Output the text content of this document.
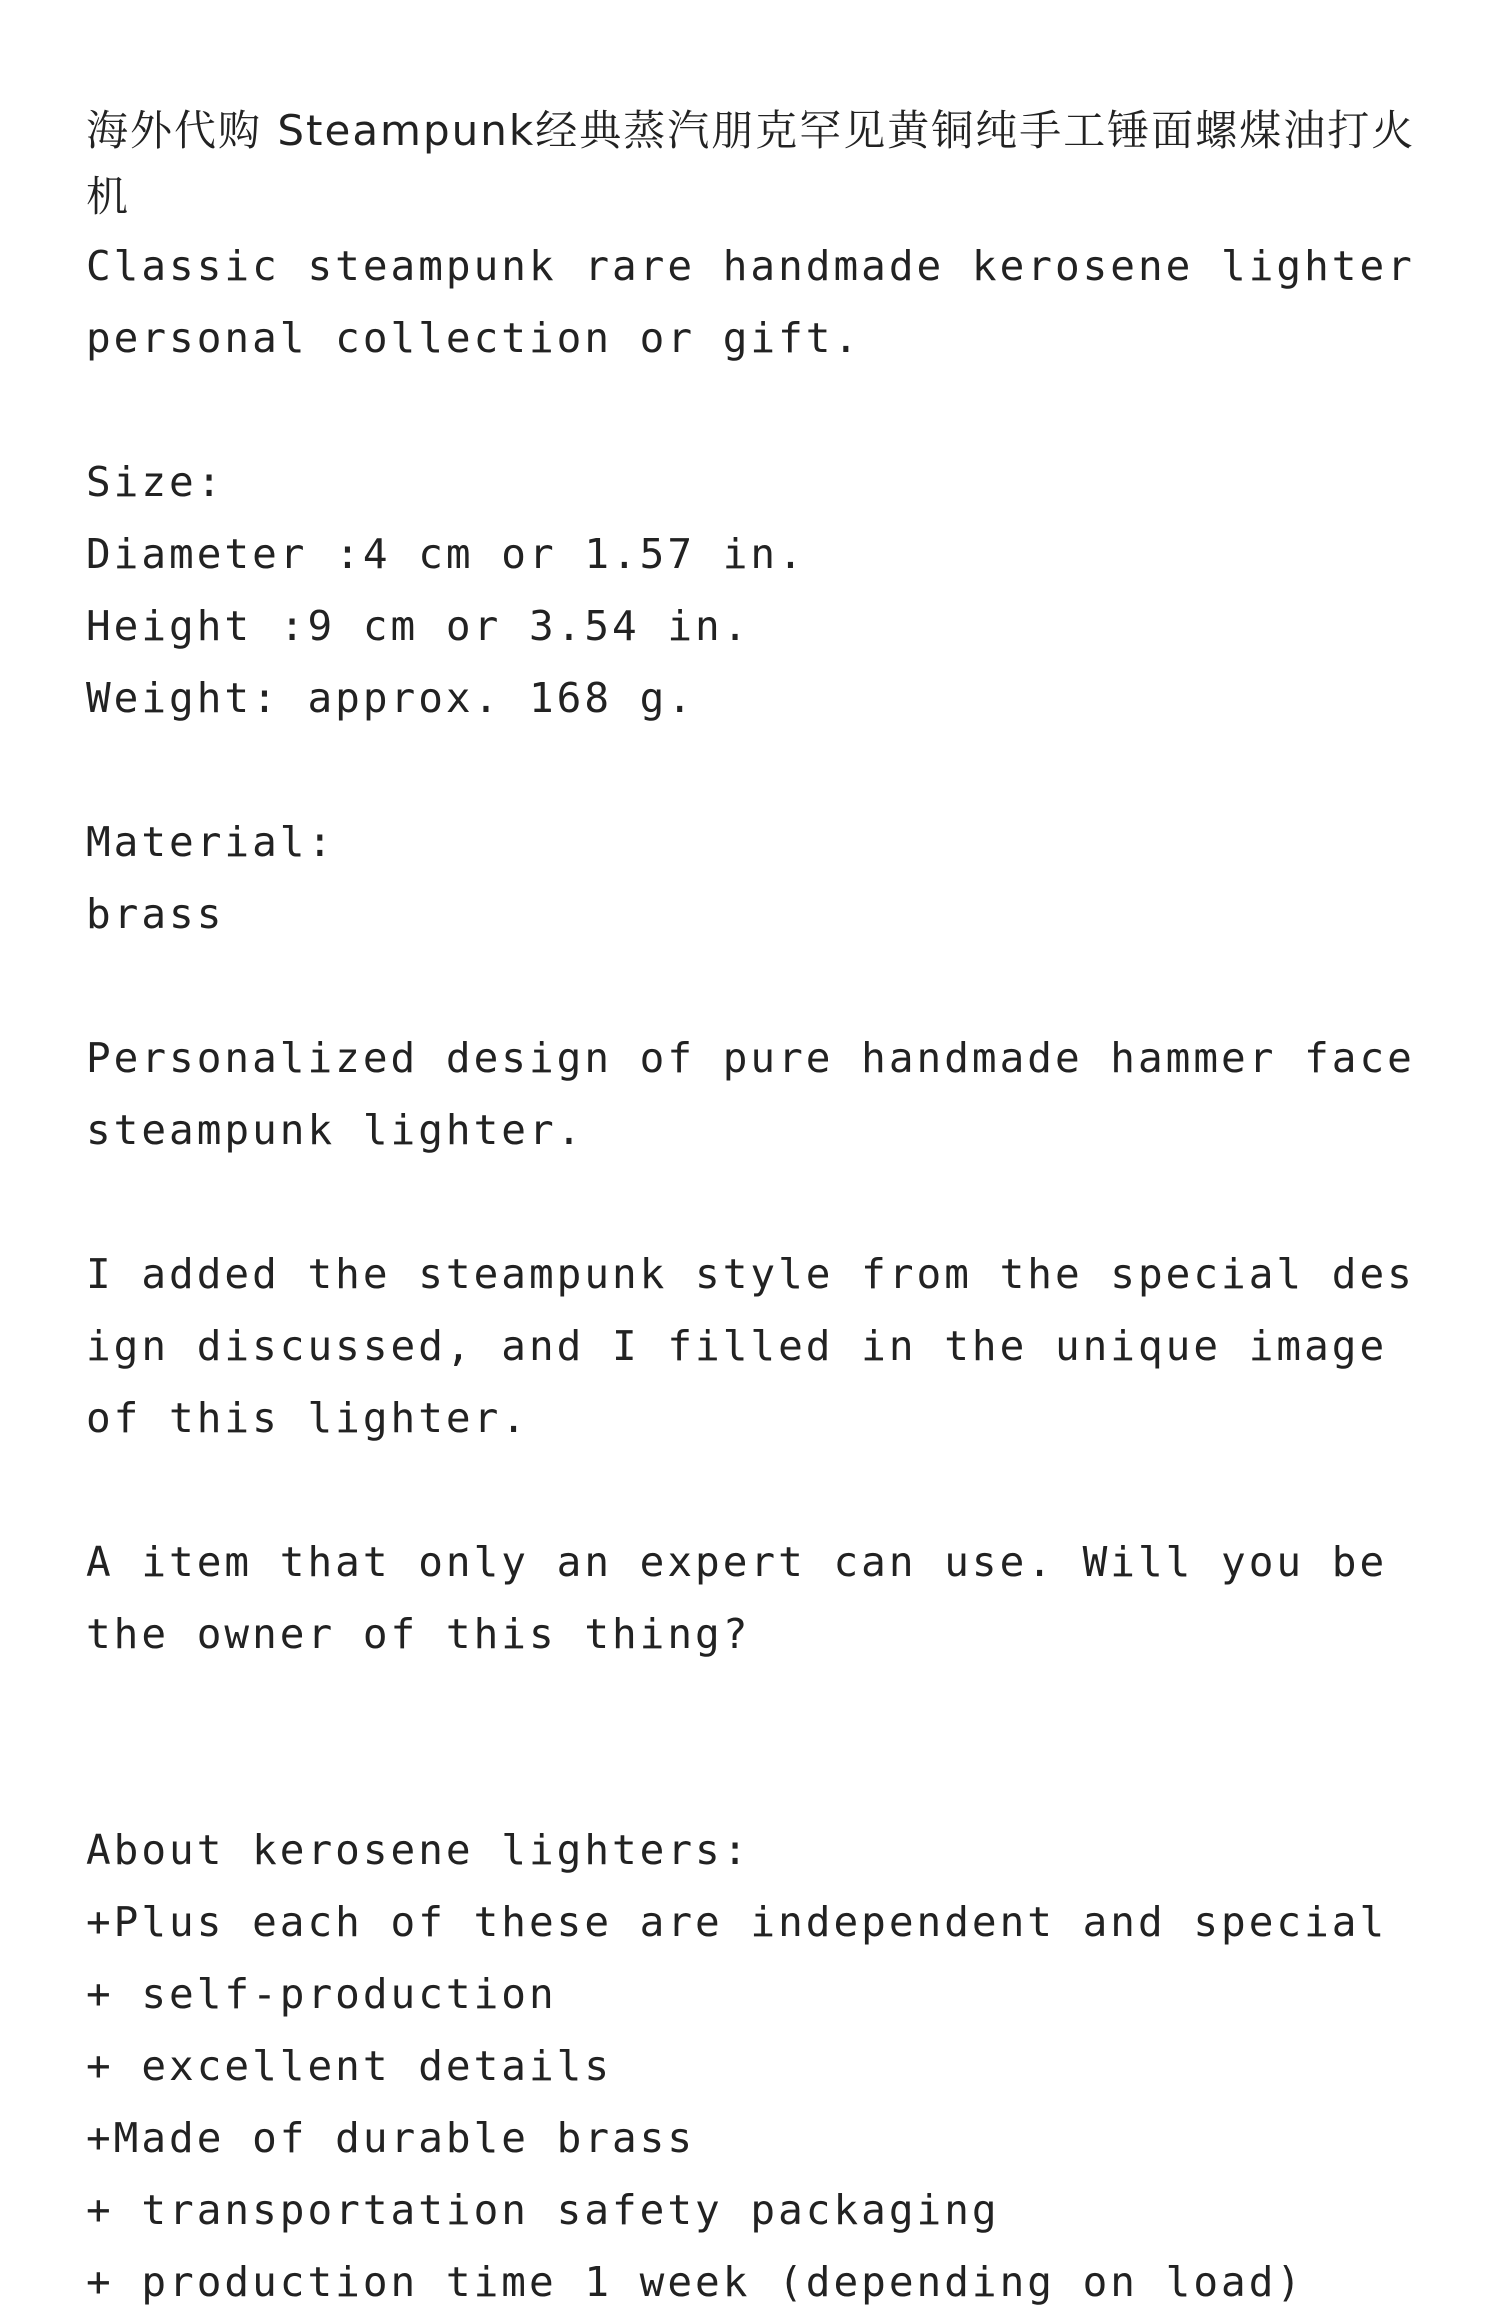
海外代购 Steampunk经典蒸汽朋克罕见黄铜纯手工锤面螺煤油打火机
Classic steampunk rare handmade kerosene lighter
personal collection or gift.
Size:
Diameter :4 cm or 1.57 in.
Height :9 cm or 3.54 in.
Weight: approx. 168 g.
Material:
brass

Personalized design of pure handmade hammer face steampunk lighter.

I added the steampunk style from the special design discussed, and I filled in the unique image of this lighter.

A item that only an expert can use. Will you be the owner of this thing?

About kerosene lighters:
+Plus each of these are independent and special
+ self-production
+ excellent details
+Made of durable brass
+ transportation safety packaging
+ production time 1 week (depending on load)
